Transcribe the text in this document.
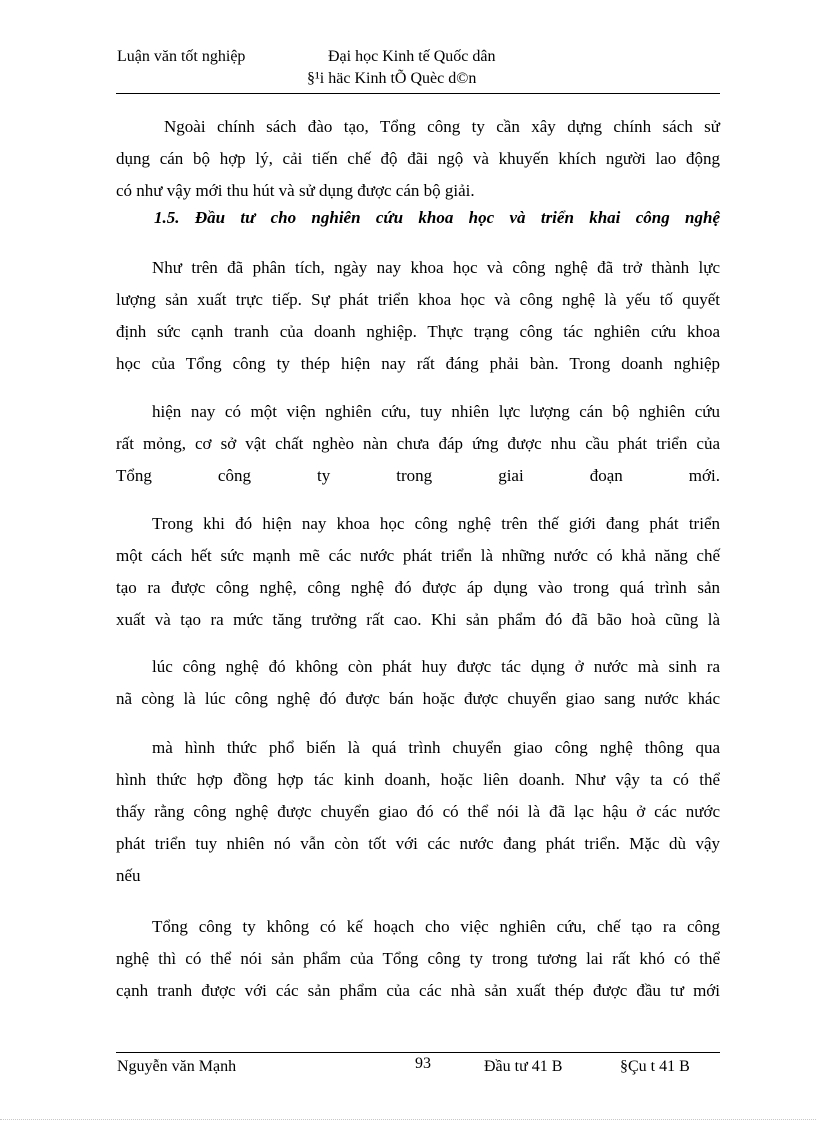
Luận văn tốt nghiệp	Đại học Kinh tế Quốc dân
§¹i häc Kinh tÕ Quèc d©n

Ngoài chính sách đào tạo, Tổng công ty cần xây dựng chính sách sử
dụng cán bộ hợp lý, cải tiến chế độ đãi ngộ và khuyến khích người lao động
có như vậy mới thu hút và sử dụng được cán bộ giải.

1.5. Đầu tư cho nghiên cứu khoa học và triển khai công nghệ

Như trên đã phân tích, ngày nay khoa học và công nghệ đã trở thành lực
lượng sản xuất trực tiếp. Sự phát triển khoa học và công nghệ là yếu tố quyết
định sức cạnh tranh của doanh nghiệp. Thực trạng công tác nghiên cứu khoa
học của Tổng công ty thép hiện nay rất đáng phải bàn. Trong doanh nghiệp

hiện nay có một viện nghiên cứu, tuy nhiên lực lượng cán bộ nghiên cứu
rất mỏng, cơ sở vật chất nghèo nàn chưa đáp ứng được nhu cầu phát triển của
Tổng công ty trong giai đoạn mới.

Trong khi đó hiện nay khoa học công nghệ trên thế giới đang phát triển
một cách hết sức mạnh mẽ các nước phát triển là những nước có khả năng chế
tạo ra được công nghệ, công nghệ đó được áp dụng vào trong quá trình sản
xuất và tạo ra mức tăng trưởng rất cao. Khi sản phẩm đó đã bão hoà cũng là

lúc công nghệ đó không còn phát huy được tác dụng ở nước mà sinh ra
nã còng là lúc công nghệ đó được bán hoặc được chuyển giao sang nước khác

mà hình thức phổ biến là quá trình chuyển giao công nghệ thông qua
hình thức hợp đồng hợp tác kinh doanh, hoặc liên doanh. Như vậy ta có thể
thấy rằng công nghệ được chuyển giao đó có thể nói là đã lạc hậu ở các nước
phát triển tuy nhiên nó vẫn còn tốt với các nước đang phát triển. Mặc dù vậy
nếu

Tổng công ty không có kế hoạch cho việc nghiên cứu, chế tạo ra công
nghệ thì có thể nói sản phẩm của Tổng công ty trong tương lai rất khó có thể
cạnh tranh được với các sản phẩm của các nhà sản xuất thép được đầu tư mới

Nguyễn văn Mạnh	93	Đầu tư 41 B	§Çu t 41 B
